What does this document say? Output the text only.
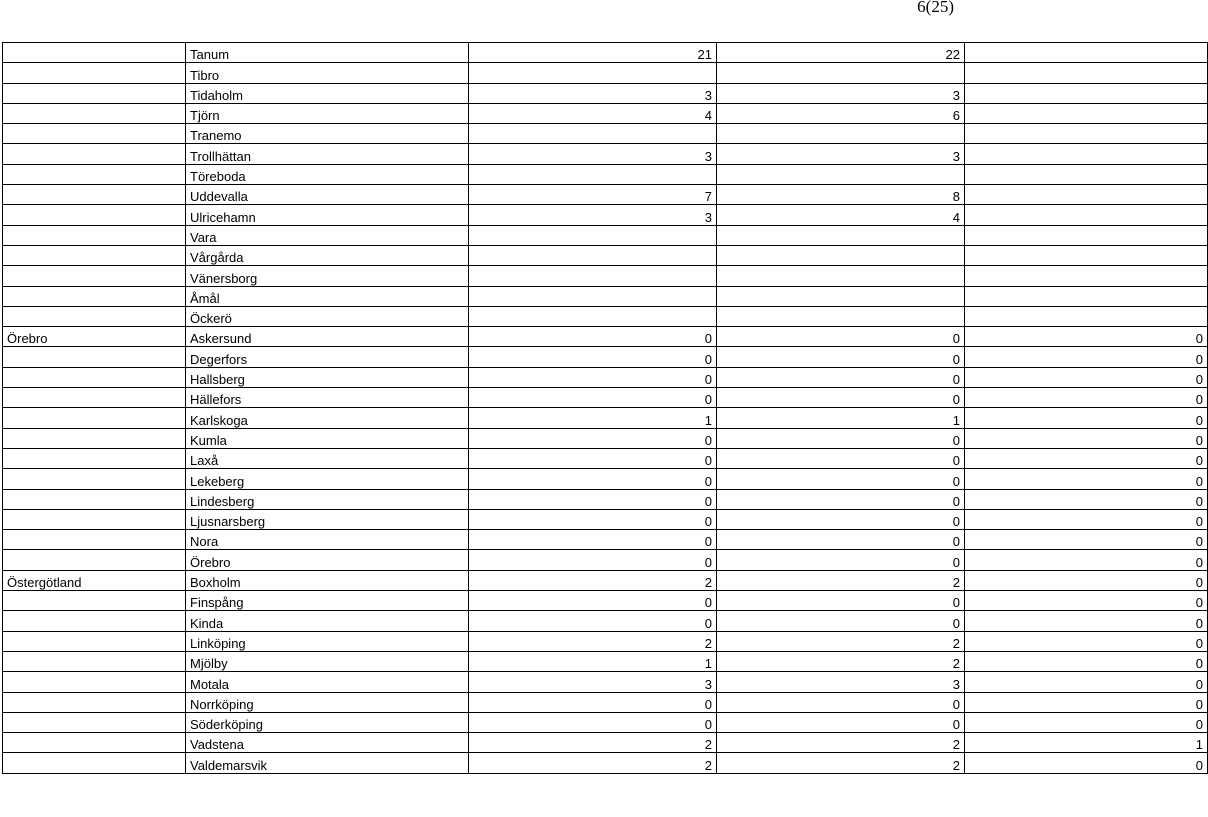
6(25)
	Tanum	21	22	
	Tibro			
	Tidaholm	3	3	
	Tjörn	4	6	
	Tranemo			
	Trollhättan	3	3	
	Töreboda			
	Uddevalla	7	8	
	Ulricehamn	3	4	
	Vara			
	Vårgårda			
	Vänersborg			
	Åmål			
	Öckerö			
Örebro	Askersund	0	0	0
	Degerfors	0	0	0
	Hallsberg	0	0	0
	Hällefors	0	0	0
	Karlskoga	1	1	0
	Kumla	0	0	0
	Laxå	0	0	0
	Lekeberg	0	0	0
	Lindesberg	0	0	0
	Ljusnarsberg	0	0	0
	Nora	0	0	0
	Örebro	0	0	0
Östergötland	Boxholm	2	2	0
	Finspång	0	0	0
	Kinda	0	0	0
	Linköping	2	2	0
	Mjölby	1	2	0
	Motala	3	3	0
	Norrköping	0	0	0
	Söderköping	0	0	0
	Vadstena	2	2	1
	Valdemarsvik	2	2	0
